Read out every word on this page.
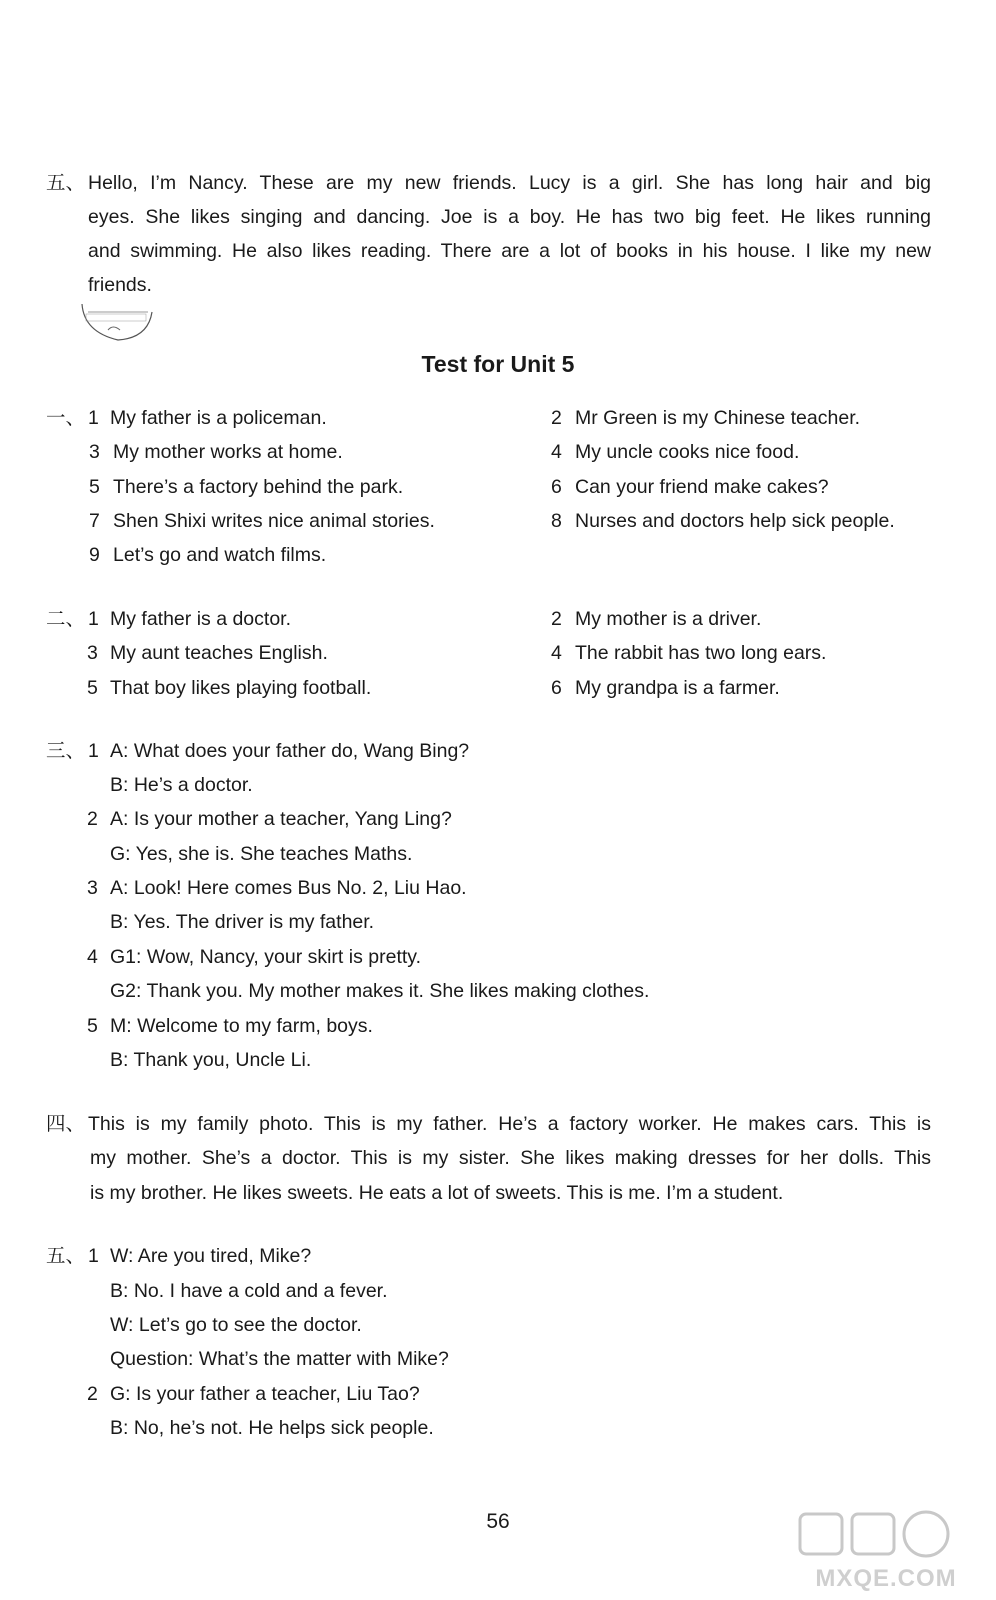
五、 Hello, I’m Nancy. These are my new friends. Lucy is a girl. She has long hair and big
eyes. She likes singing and dancing. Joe is a boy. He has two big feet. He likes running
and swimming. He also likes reading. There are a lot of books in his house. I like my new
friends.
Test for Unit 5
一、 1 My father is a policeman.	2 Mr Green is my Chinese teacher.
3 My mother works at home.	4 My uncle cooks nice food.
5 There’s a factory behind the park.	6 Can your friend make cakes?
7 Shen Shixi writes nice animal stories.	8 Nurses and doctors help sick people.
9 Let’s go and watch films.
二、 1 My father is a doctor.	2 My mother is a driver.
3 My aunt teaches English.	4 The rabbit has two long ears.
5 That boy likes playing football.	6 My grandpa is a farmer.
三、 1 A: What does your father do, Wang Bing?
B: He’s a doctor.
2 A: Is your mother a teacher, Yang Ling?
G: Yes, she is. She teaches Maths.
3 A: Look! Here comes Bus No. 2, Liu Hao.
B: Yes. The driver is my father.
4 G1: Wow, Nancy, your skirt is pretty.
G2: Thank you. My mother makes it. She likes making clothes.
5 M: Welcome to my farm, boys.
B: Thank you, Uncle Li.
四、 This is my family photo. This is my father. He’s a factory worker. He makes cars. This is
my mother. She’s a doctor. This is my sister. She likes making dresses for her dolls. This
is my brother. He likes sweets. He eats a lot of sweets. This is me. I’m a student.
五、 1 W: Are you tired, Mike?
B: No. I have a cold and a fever.
W: Let’s go to see the doctor.
Question: What’s the matter with Mike?
2 G: Is your father a teacher, Liu Tao?
B: No, he’s not. He helps sick people.
56
MXQE.COM
